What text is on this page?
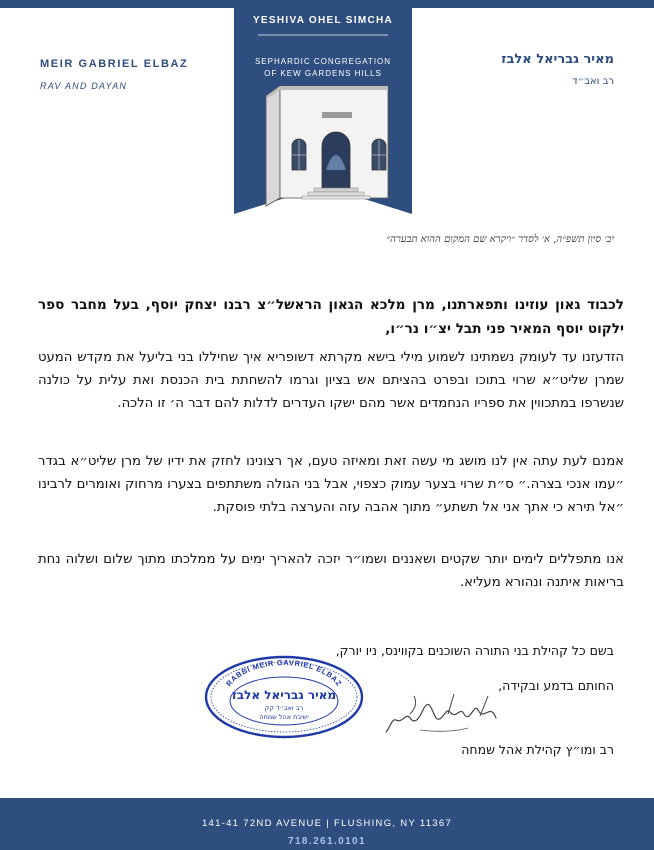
MEIR GABRIEL ELBAZ
RAV AND DAYAN
מאיר גבריאל אלבז
רב ואב״ד
YESHIVA OHEL SIMCHA
SEPHARDIC CONGREGATION
OF KEW GARDENS HILLS
יב׳ סיון תשפ״ה, א׳ לסדר ״ויקרא שם המקום ההוא תבערה״
לכבוד גאון עוזינו ותפארתנו, מרן מלכא הגאון הראשל״צ רבנו יצחק יוסף, בעל מחבר ספר ילקוט יוסף המאיר פני תבל יצ״ו נר״ו,
הזדעזנו עד לעומק נשמתינו לשמוע מילי בישא מקרתא דשופריא איך שחיללו בני בליעל את מקדש המעט שמרן שליט״א שרוי בתוכו ובפרט בהציתם אש בציון וגרמו להשחתת בית הכנסת ואת עלית על כולנה שנשרפו במתכווין את ספריו הנחמדים אשר מהם ישקו העדרים לדלות להם דבר ה׳ זו הלכה.
אמנם לעת עתה אין לנו מושג מי עשה זאת ומאיזה טעם, אך רצונינו לחזק את ידיו של מרן שליט״א בגדר ״עמו אנכי בצרה.״ ס״ת שרוי בצער עמוק כצפוי, אבל בני הגולה משתתפים בצערו מרחוק ואומרים לרבינו ״אל תירא כי אתך אני אל תשתע״ מתוך אהבה עזה והערצה בלתי פוסקת.
אנו מתפללים לימים יותר שקטים ושאננים ושמו״ר יזכה להאריך ימים על ממלכתו מתוך שלום ושלוה נחת בריאות איתנה ונהורא מעליא.
בשם כל קהילת בני התורה השוכנים בקווינס, ניו יורק,
החותם בדמע ובקידה,
רב ומו״ץ קהילת אהל שמחה
RABBI MEIR GAVRIEL ELBAZ
מאיר גבריאל אלבז
רב ואב״ד קק
ישיבת אהל שמחה
141-41 72ND AVENUE | FLUSHING, NY 11367
718.261.0101
